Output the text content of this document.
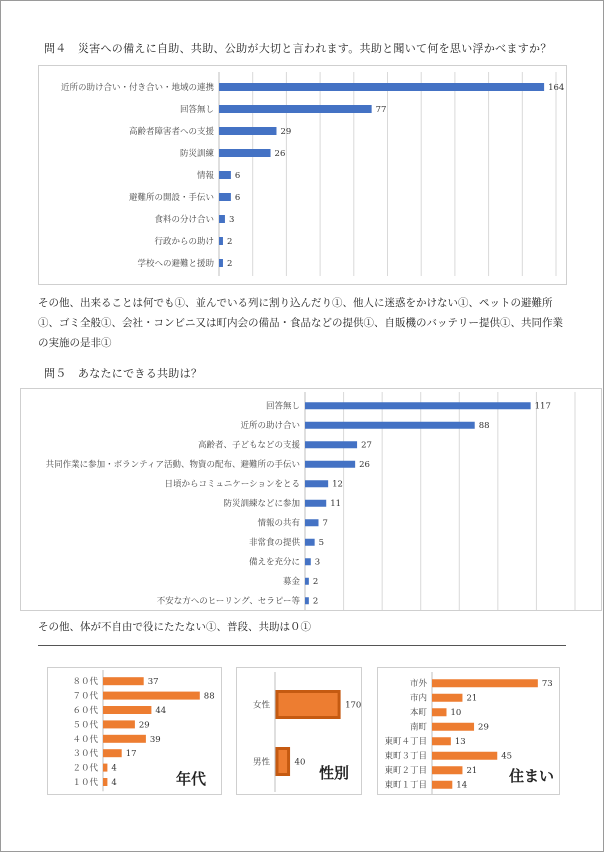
問４　災害への備えに自助、共助、公助が大切と言われます。共助と聞いて何を思い浮かべますか？
近所の助け合い・付き合い・地域の連携	164
回答無し	77
高齢者障害者への支援	29
防災訓練	26
情報 6
避難所の開設・手伝い 6
食料の分け合い 3
行政からの助け 2
学校への避難と援助 2
その他、出来ることは何でも①、並んでいる列に割り込んだり①、他人に迷惑をかけない①、ペットの避難所①、ゴミ全般①、会社・コンビニ又は町内会の備品・食品などの提供①、自販機のバッテリー提供①、共同作業の実施の是非①
問５　あなたにできる共助は？
回答無し	117
近所の助け合い	88
高齢者、子どもなどの支援	27
共同作業に参加・ボランティア活動、物資の配布、避難所の手伝い	26
日頃からコミュニケーションをとる	12
防災訓練などに参加	11
情報の共有	7
非常食の提供 5
備えを充分に 3
募金 2
不安な方へのヒーリング、セラピー等 2
その他、体が不自由で役にたたない①、普段、共助は０①
８０代	37
７０代	88
６０代	44
５０代	29
４０代	39
３０代	17
２０代 4
１０代 4	年代
女性	170
男性	40
性別
市外	73
市内	21
本町	10
南町	29
東町４丁目	13
東町３丁目	45
東町２丁目	21
東町１丁目	14
住まい
